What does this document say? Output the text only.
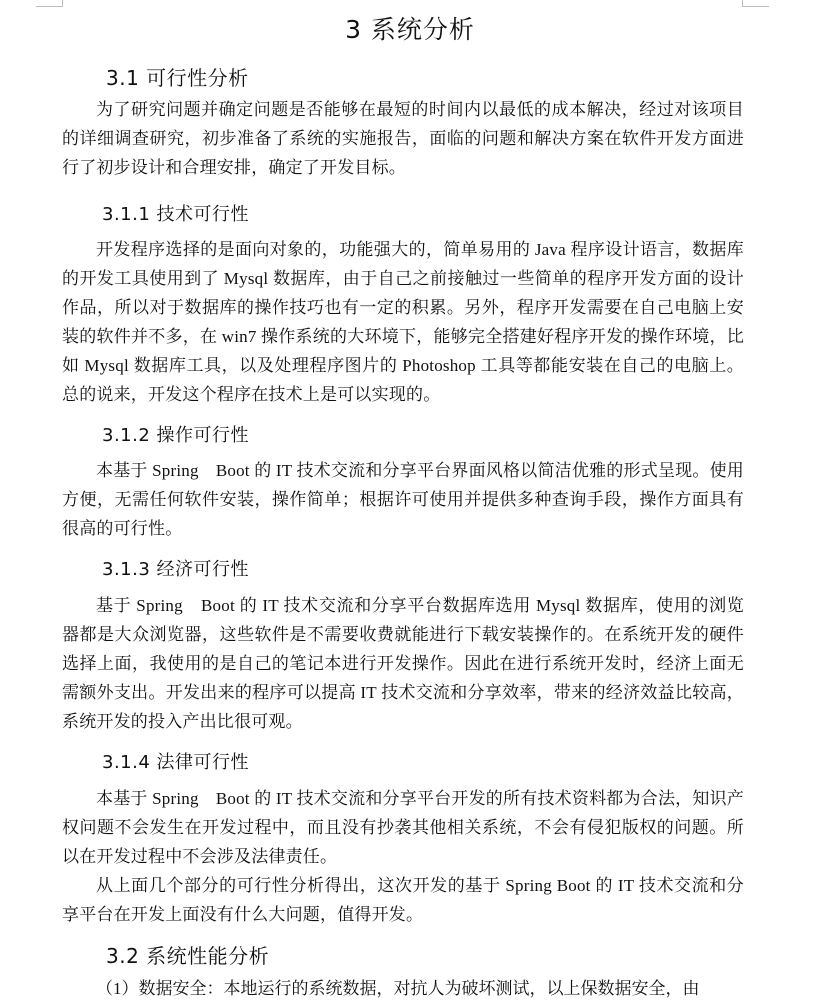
3 系统分析
3.1 可行性分析
为了研究问题并确定问题是否能够在最短的时间内以最低的成本解决，经过对该项目的详细调查研究，初步准备了系统的实施报告，面临的问题和解决方案在软件开发方面进行了初步设计和合理安排，确定了开发目标。
3.1.1 技术可行性
开发程序选择的是面向对象的，功能强大的，简单易用的 Java 程序设计语言，数据库的开发工具使用到了 Mysql 数据库，由于自己之前接触过一些简单的程序开发方面的设计作品，所以对于数据库的操作技巧也有一定的积累。另外，程序开发需要在自己电脑上安装的软件并不多，在 win7 操作系统的大环境下，能够完全搭建好程序开发的操作环境，比如 Mysql 数据库工具，以及处理程序图片的 Photoshop 工具等都能安装在自己的电脑上。总的说来，开发这个程序在技术上是可以实现的。
3.1.2 操作可行性
本基于 Spring　Boot 的 IT 技术交流和分享平台界面风格以简洁优雅的形式呈现。使用方便，无需任何软件安装，操作简单；根据许可使用并提供多种查询手段，操作方面具有很高的可行性。
3.1.3 经济可行性
基于 Spring　Boot 的 IT 技术交流和分享平台数据库选用 Mysql 数据库，使用的浏览器都是大众浏览器，这些软件是不需要收费就能进行下载安装操作的。在系统开发的硬件选择上面，我使用的是自己的笔记本进行开发操作。因此在进行系统开发时，经济上面无需额外支出。开发出来的程序可以提高 IT 技术交流和分享效率，带来的经济效益比较高，系统开发的投入产出比很可观。
3.1.4 法律可行性
本基于 Spring　Boot 的 IT 技术交流和分享平台开发的所有技术资料都为合法，知识产权问题不会发生在开发过程中，而且没有抄袭其他相关系统，不会有侵犯版权的问题。所以在开发过程中不会涉及法律责任。
从上面几个部分的可行性分析得出，这次开发的基于 Spring Boot 的 IT 技术交流和分享平台在开发上面没有什么大问题，值得开发。
3.2 系统性能分析
（1）数据安全：本地运行的系统数据，对抗人为破坏测试，以上保数据安全，由
